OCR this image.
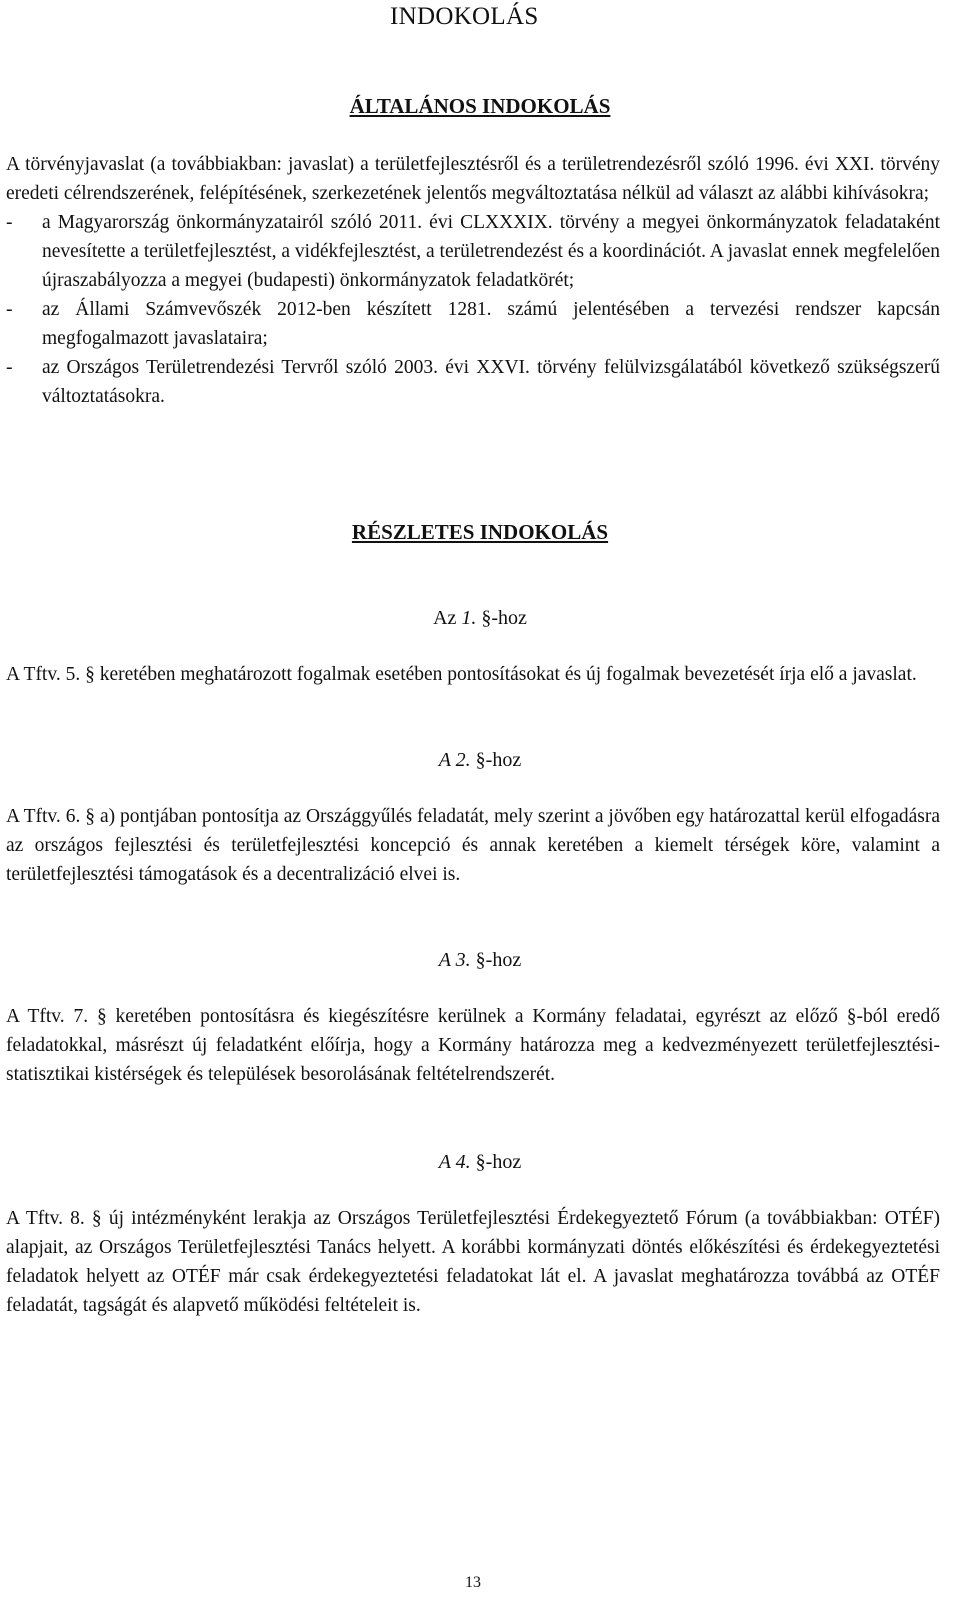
INDOKOLÁS
ÁLTALÁNOS INDOKOLÁS

A törvényjavaslat (a továbbiakban: javaslat) a területfejlesztésről és a területrendezésről szóló 1996. évi XXI. törvény eredeti célrendszerének, felépítésének, szerkezetének jelentős megváltoztatása nélkül ad választ az alábbi kihívásokra;

-	a Magyarország önkormányzatairól szóló 2011. évi CLXXXIX. törvény a megyei önkormányzatok feladataként nevesítette a területfejlesztést, a vidékfejlesztést, a területrendezést és a koordinációt. A javaslat ennek megfelelően újraszabályozza a megyei (budapesti) önkormányzatok feladatkörét;
-	az Állami Számvevőszék 2012-ben készített 1281. számú jelentésében a tervezési rendszer kapcsán megfogalmazott javaslataira;
-	az Országos Területrendezési Tervről szóló 2003. évi XXVI. törvény felülvizsgálatából következő szükségszerű változtatásokra.
RÉSZLETES INDOKOLÁS

Az 1. §-hoz

A Tftv. 5. § keretében meghatározott fogalmak esetében pontosításokat és új fogalmak bevezetését írja elő a javaslat.

A 2. §-hoz

A Tftv. 6. § a) pontjában pontosítja az Országgyűlés feladatát, mely szerint a jövőben egy határozattal kerül elfogadásra az országos fejlesztési és területfejlesztési koncepció és annak keretében a kiemelt térségek köre, valamint a területfejlesztési támogatások és a decentralizáció elvei is.

A 3. §-hoz

A Tftv. 7. § keretében pontosításra és kiegészítésre kerülnek a Kormány feladatai, egyrészt az előző §-ból eredő feladatokkal, másrészt új feladatként előírja, hogy a Kormány határozza meg a kedvezményezett területfejlesztési-statisztikai kistérségek és települések besorolásának feltételrendszerét.

A 4. §-hoz

A Tftv. 8. § új intézményként lerakja az Országos Területfejlesztési Érdekegyeztető Fórum (a továbbiakban: OTÉF) alapjait, az Országos Területfejlesztési Tanács helyett. A korábbi kormányzati döntés előkészítési és érdekegyeztetési feladatok helyett az OTÉF már csak érdekegyeztetési feladatokat lát el. A javaslat meghatározza továbbá az OTÉF feladatát, tagságát és alapvető működési feltételeit is.

13
